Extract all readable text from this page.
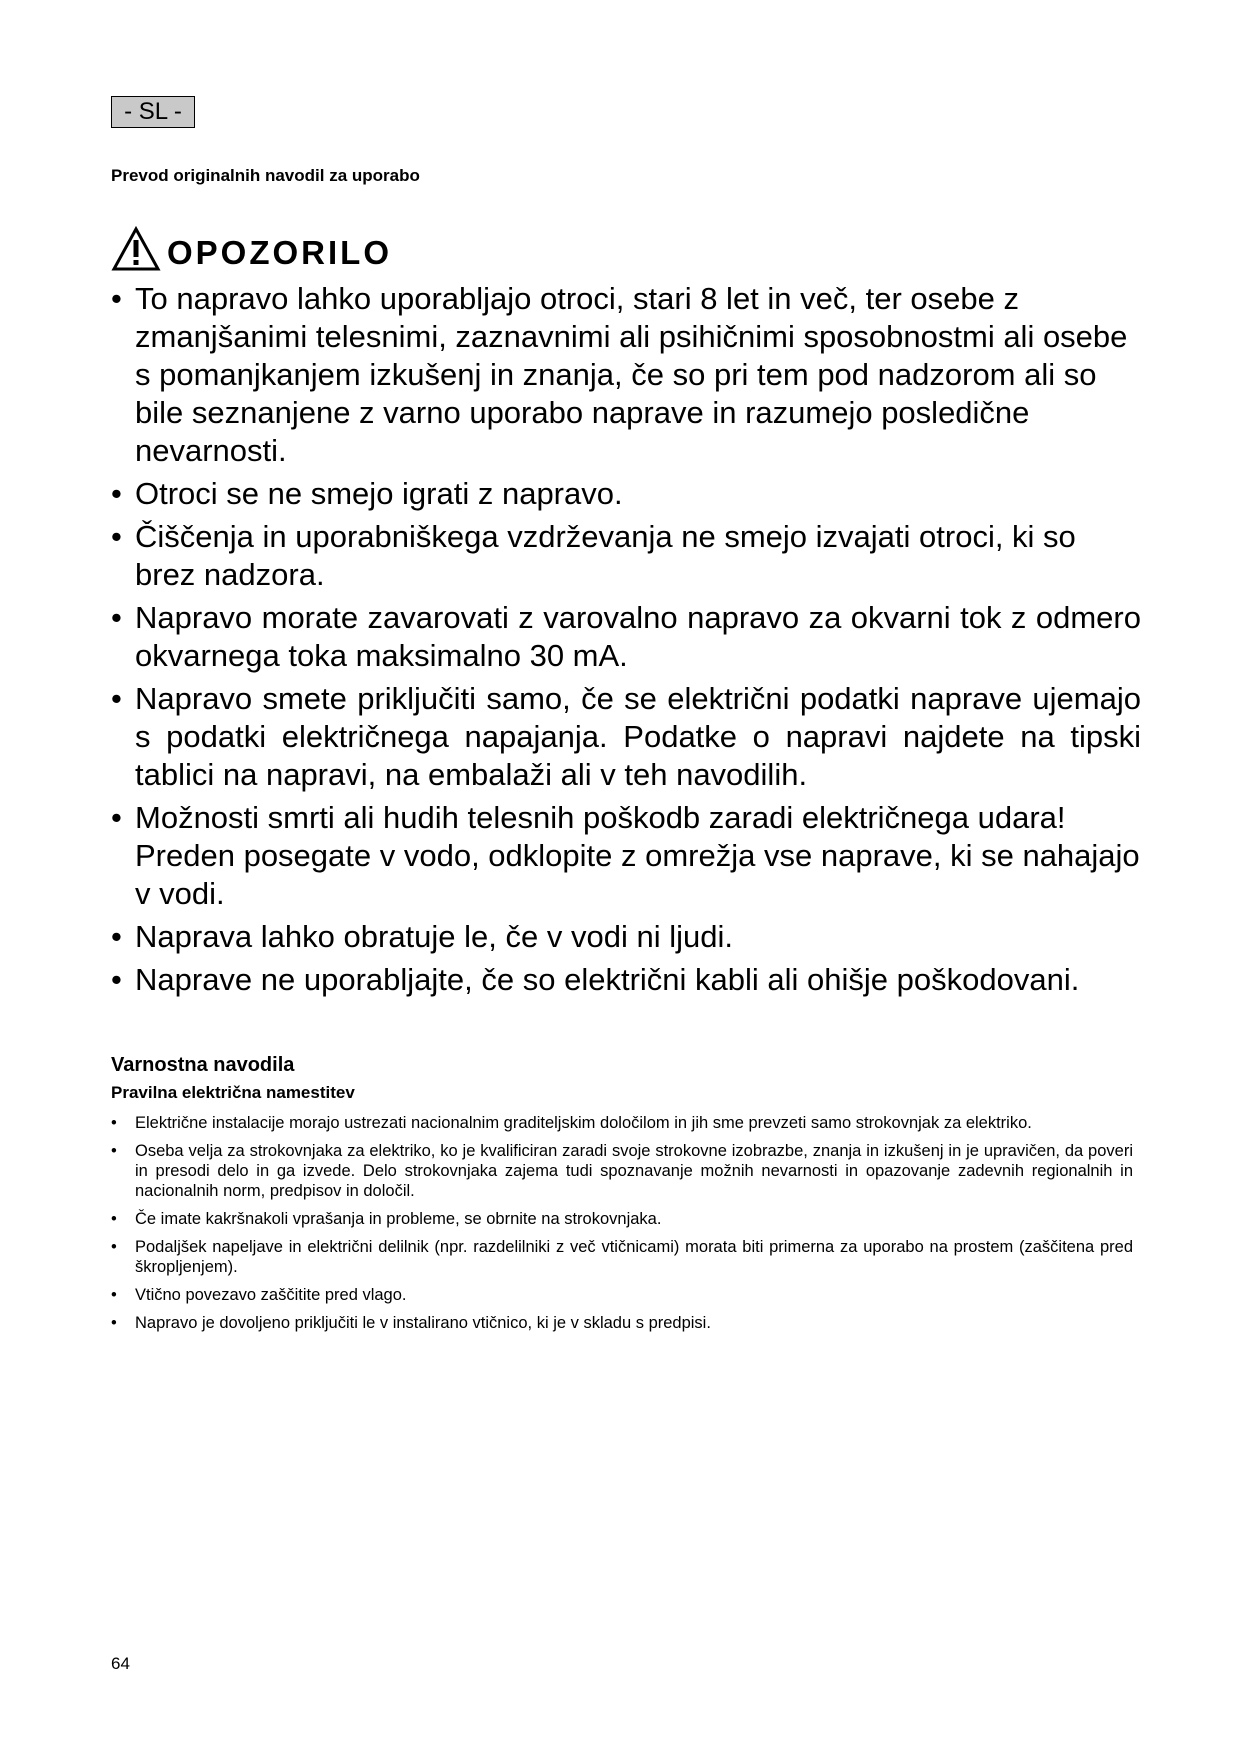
- SL -
Prevod originalnih navodil za uporabo
OPOZORILO
• To napravo lahko uporabljajo otroci, stari 8 let in več, ter osebe z zmanjšanimi telesnimi, zaznavnimi ali psihičnimi sposobnostmi ali osebe s pomanjkanjem izkušenj in znanja, če so pri tem pod nadzorom ali so bile seznanjene z varno uporabo naprave in razumejo posledične nevarnosti.
• Otroci se ne smejo igrati z napravo.
• Čiščenja in uporabniškega vzdrževanja ne smejo izvajati otroci, ki so brez nadzora.
• Napravo morate zavarovati z varovalno napravo za okvarni tok z odmero okvarnega toka maksimalno 30 mA.
• Napravo smete priključiti samo, če se električni podatki naprave ujemajo s podatki električnega napajanja. Podatke o napravi najdete na tipski tablici na napravi, na embalaži ali v teh navodilih.
• Možnosti smrti ali hudih telesnih poškodb zaradi električnega udara! Preden posegate v vodo, odklopite z omrežja vse naprave, ki se nahajajo v vodi.
• Naprava lahko obratuje le, če v vodi ni ljudi.
• Naprave ne uporabljajte, če so električni kabli ali ohišje poškodovani.
Varnostna navodila
Pravilna električna namestitev
• Električne instalacije morajo ustrezati nacionalnim graditeljskim določilom in jih sme prevzeti samo strokovnjak za elektriko.
• Oseba velja za strokovnjaka za elektriko, ko je kvalificiran zaradi svoje strokovne izobrazbe, znanja in izkušenj in je upravičen, da poveri in presodi delo in ga izvede. Delo strokovnjaka zajema tudi spoznavanje možnih nevarnosti in opazovanje zadevnih regionalnih in nacionalnih norm, predpisov in določil.
• Če imate kakršnakoli vprašanja in probleme, se obrnite na strokovnjaka.
• Podaljšek napeljave in električni delilnik (npr. razdelilniki z več vtičnicami) morata biti primerna za uporabo na prostem (zaščitena pred škropljenjem).
• Vtično povezavo zaščitite pred vlago.
• Napravo je dovoljeno priključiti le v instalirano vtičnico, ki je v skladu s predpisi.
64
